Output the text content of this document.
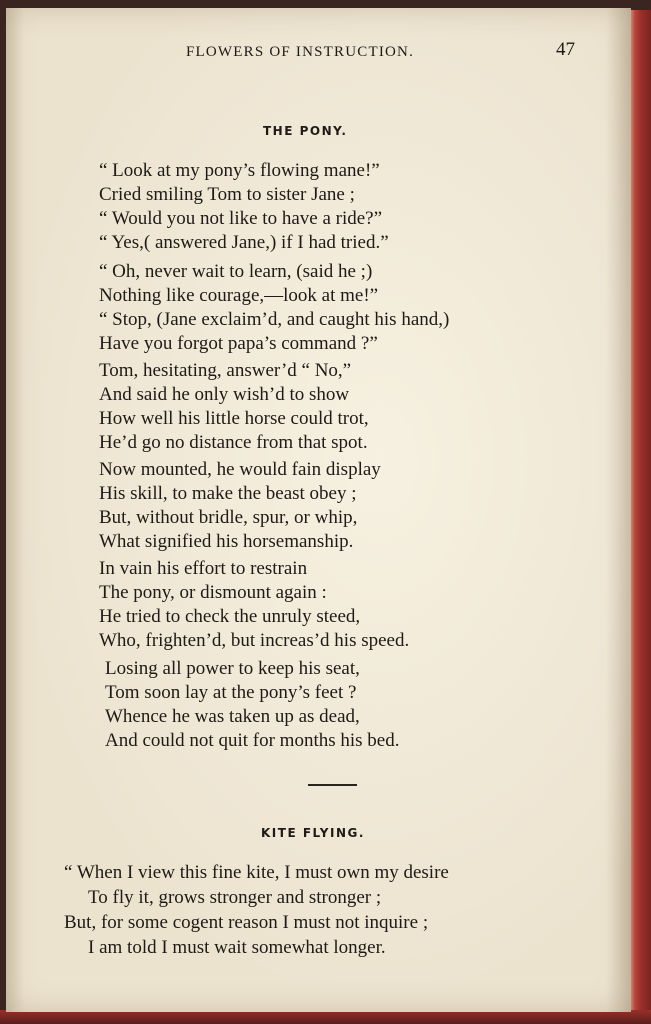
FLOWERS OF INSTRUCTION.	47
THE PONY.
“ Look at my pony’s flowing mane!”
Cried smiling Tom to sister Jane ;
“ Would you not like to have a ride?”
“ Yes,( answered Jane,) if I had tried.”
“ Oh, never wait to learn, (said he ;)
Nothing like courage,—look at me!”
“ Stop, (Jane exclaim’d, and caught his hand,)
Have you forgot papa’s command ?”
Tom, hesitating, answer’d “ No,”
And said he only wish’d to show
How well his little horse could trot,
He’d go no distance from that spot.
Now mounted, he would fain display
His skill, to make the beast obey ;
But, without bridle, spur, or whip,
What signified his horsemanship.
In vain his effort to restrain
The pony, or dismount again :
He tried to check the unruly steed,
Who, frighten’d, but increas’d his speed.
Losing all power to keep his seat,
Tom soon lay at the pony’s feet ?
Whence he was taken up as dead,
And could not quit for months his bed.
KITE FLYING.
“ When I view this fine kite, I must own my desire
To fly it, grows stronger and stronger ;
But, for some cogent reason I must not inquire ;
I am told I must wait somewhat longer.
